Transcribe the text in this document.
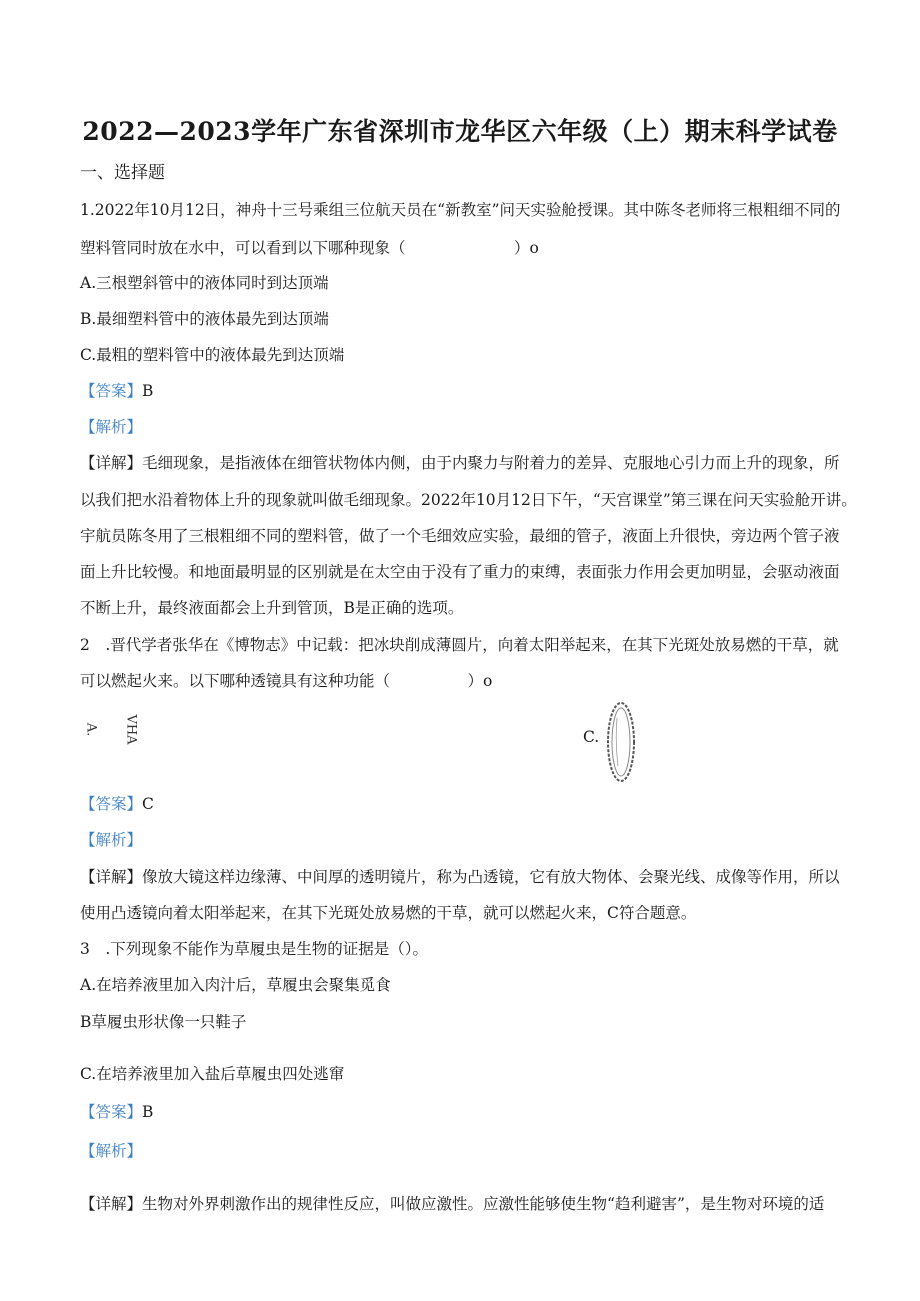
2022—2023学年广东省深圳市龙华区六年级（上）期末科学试卷
一、选择题
1.2022年10月12日，神舟十三号乘组三位航天员在“新教室”问天实验舱授课。其中陈冬老师将三根粗细不同的
塑料管同时放在水中，可以看到以下哪种现象（　　　　　　　）o
A.三根塑斜管中的液体同时到达顶端
B.最细塑料管中的液体最先到达顶端
C.最粗的塑料管中的液体最先到达顶端
【答案】B
【解析】
【详解】毛细现象，是指液体在细管状物体内侧，由于内聚力与附着力的差异、克服地心引力而上升的现象，所
以我们把水沿着物体上升的现象就叫做毛细现象。2022年10月12日下午，“天宫课堂”第三课在问天实验舱开讲。
宇航员陈冬用了三根粗细不同的塑料管，做了一个毛细效应实验，最细的管子，液面上升很快，旁边两个管子液
面上升比较慢。和地面最明显的区别就是在太空由于没有了重力的束缚，表面张力作用会更加明显，会驱动液面
不断上升，最终液面都会上升到管顶，B是正确的选项。
2　.晋代学者张华在《博物志》中记载：把冰块削成薄圆片，向着太阳举起来，在其下光斑处放易燃的干草，就
可以燃起火来。以下哪种透镜具有这种功能（　　　　　）o
A. VHA	C.
【答案】C
【解析】
【详解】像放大镜这样边缘薄、中间厚的透明镜片，称为凸透镜，它有放大物体、会聚光线、成像等作用，所以
使用凸透镜向着太阳举起来，在其下光斑处放易燃的干草，就可以燃起火来，C符合题意。
3　.下列现象不能作为草履虫是生物的证据是（）。
A.在培养液里加入肉汁后，草履虫会聚集觅食
B草履虫形状像一只鞋子
C.在培养液里加入盐后草履虫四处逃窜
【答案】B
【解析】
【详解】生物对外界刺激作出的规律性反应，叫做应激性。应激性能够使生物“趋利避害”，是生物对环境的适
